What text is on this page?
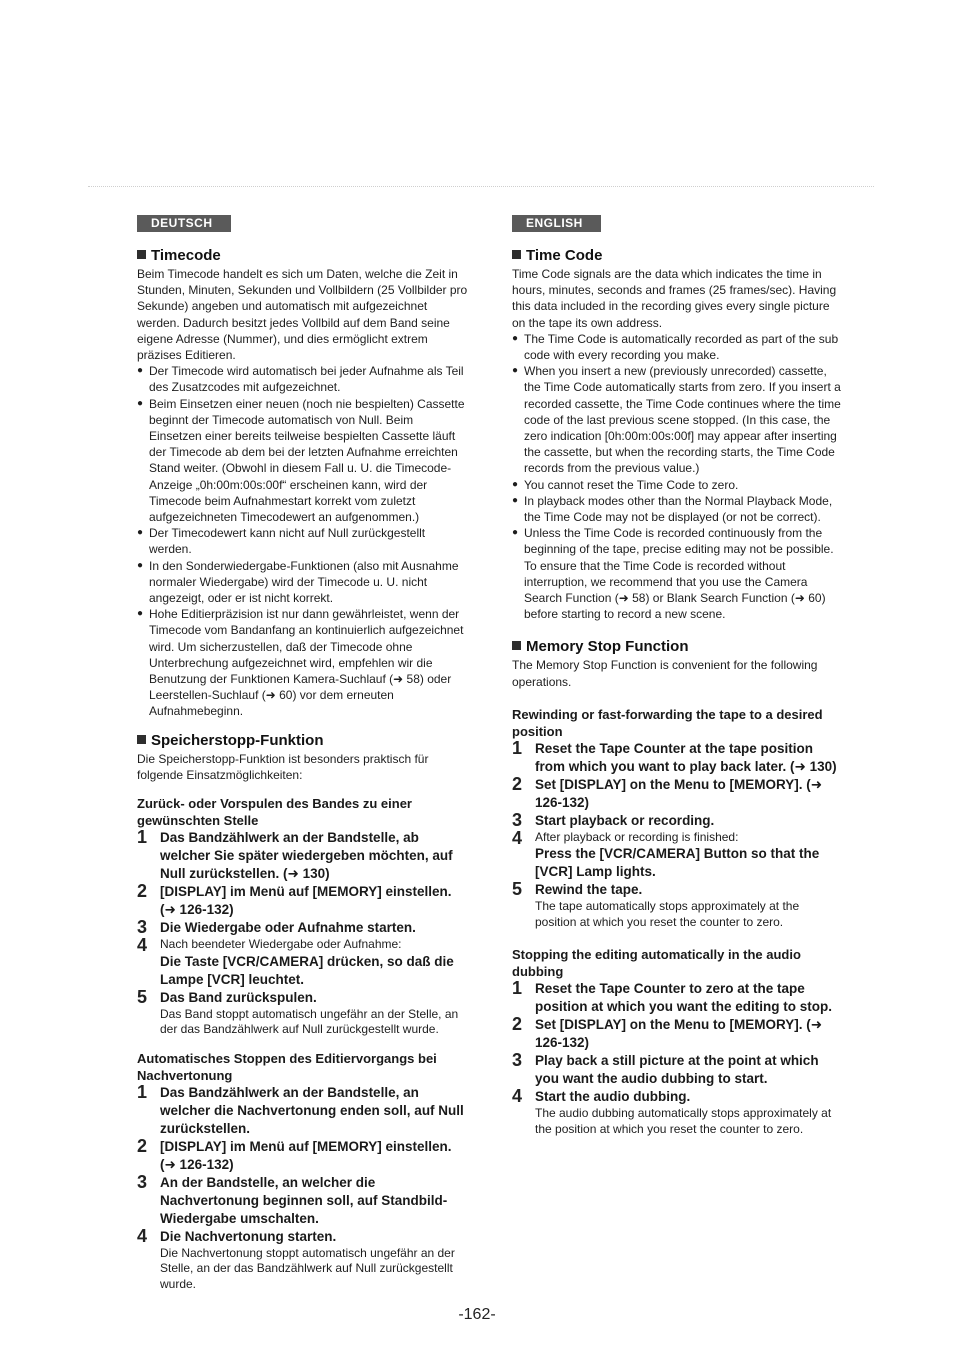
DEUTSCH
Timecode

Beim Timecode handelt es sich um Daten, welche die Zeit in Stunden, Minuten, Sekunden und Vollbildern (25 Vollbilder pro Sekunde) angeben und automatisch mit aufgezeichnet werden. Dadurch besitzt jedes Vollbild auf dem Band seine eigene Adresse (Nummer), und dies ermöglicht extrem präzises Editieren.

● Der Timecode wird automatisch bei jeder Aufnahme als Teil des Zusatzcodes mit aufgezeichnet.
● Beim Einsetzen einer neuen (noch nie bespielten) Cassette beginnt der Timecode automatisch von Null. Beim Einsetzen einer bereits teilweise bespielten Cassette läuft der Timecode ab dem bei der letzten Aufnahme erreichten Stand weiter. (Obwohl in diesem Fall u. U. die Timecode-Anzeige „0h:00m:00s:00f“ erscheinen kann, wird der Timecode beim Aufnahmestart korrekt vom zuletzt aufgezeichneten Timecodewert an aufgenommen.)
● Der Timecodewert kann nicht auf Null zurückgestellt werden.
● In den Sonderwiedergabe-Funktionen (also mit Ausnahme normaler Wiedergabe) wird der Timecode u. U. nicht angezeigt, oder er ist nicht korrekt.
● Hohe Editierpräzision ist nur dann gewährleistet, wenn der Timecode vom Bandanfang an kontinuierlich aufgezeichnet wird. Um sicherzustellen, daß der Timecode ohne Unterbrechung aufgezeichnet wird, empfehlen wir die Benutzung der Funktionen Kamera-Suchlauf (➜ 58) oder Leerstellen-Suchlauf (➜ 60) vor dem erneuten Aufnahmebeginn.
Speicherstopp-Funktion

Die Speicherstopp-Funktion ist besonders praktisch für folgende Einsatzmöglichkeiten:

Zurück- oder Vorspulen des Bandes zu einer gewünschten Stelle

1 Das Bandzählwerk an der Bandstelle, ab welcher Sie später wiedergeben möchten, auf Null zurückstellen. (➜ 130)
2 [DISPLAY] im Menü auf [MEMORY] einstellen. (➜ 126-132)
3 Die Wiedergabe oder Aufnahme starten.
4 Nach beendeter Wiedergabe oder Aufnahme:
Die Taste [VCR/CAMERA] drücken, so daß die Lampe [VCR] leuchtet.
5 Das Band zurückspulen.
Das Band stoppt automatisch ungefähr an der Stelle, an der das Bandzählwerk auf Null zurückgestellt wurde.

Automatisches Stoppen des Editiervorgangs bei Nachvertonung

1 Das Bandzählwerk an der Bandstelle, an welcher die Nachvertonung enden soll, auf Null zurückstellen.
2 [DISPLAY] im Menü auf [MEMORY] einstellen. (➜ 126-132)
3 An der Bandstelle, an welcher die Nachvertonung beginnen soll, auf Standbild-Wiedergabe umschalten.
4 Die Nachvertonung starten.
Die Nachvertonung stoppt automatisch ungefähr an der Stelle, an der das Bandzählwerk auf Null zurückgestellt wurde.
ENGLISH
Time Code

Time Code signals are the data which indicates the time in hours, minutes, seconds and frames (25 frames/sec). Having this data included in the recording gives every single picture on the tape its own address.

● The Time Code is automatically recorded as part of the sub code with every recording you make.
● When you insert a new (previously unrecorded) cassette, the Time Code automatically starts from zero. If you insert a recorded cassette, the Time Code continues where the time code of the last previous scene stopped. (In this case, the zero indication [0h:00m:00s:00f] may appear after inserting the cassette, but when the recording starts, the Time Code records from the previous value.)
● You cannot reset the Time Code to zero.
● In playback modes other than the Normal Playback Mode, the Time Code may not be displayed (or not be correct).
● Unless the Time Code is recorded continuously from the beginning of the tape, precise editing may not be possible. To ensure that the Time Code is recorded without interruption, we recommend that you use the Camera Search Function (➜ 58) or Blank Search Function (➜ 60) before starting to record a new scene.
Memory Stop Function

The Memory Stop Function is convenient for the following operations.

Rewinding or fast-forwarding the tape to a desired position

1 Reset the Tape Counter at the tape position from which you want to play back later. (➜ 130)
2 Set [DISPLAY] on the Menu to [MEMORY]. (➜ 126-132)
3 Start playback or recording.
4 After playback or recording is finished:
Press the [VCR/CAMERA] Button so that the [VCR] Lamp lights.
5 Rewind the tape.
The tape automatically stops approximately at the position at which you reset the counter to zero.

Stopping the editing automatically in the audio dubbing

1 Reset the Tape Counter to zero at the tape position at which you want the editing to stop.
2 Set [DISPLAY] on the Menu to [MEMORY]. (➜ 126-132)
3 Play back a still picture at the point at which you want the audio dubbing to start.
4 Start the audio dubbing.
The audio dubbing automatically stops approximately at the position at which you reset the counter to zero.
-162-
